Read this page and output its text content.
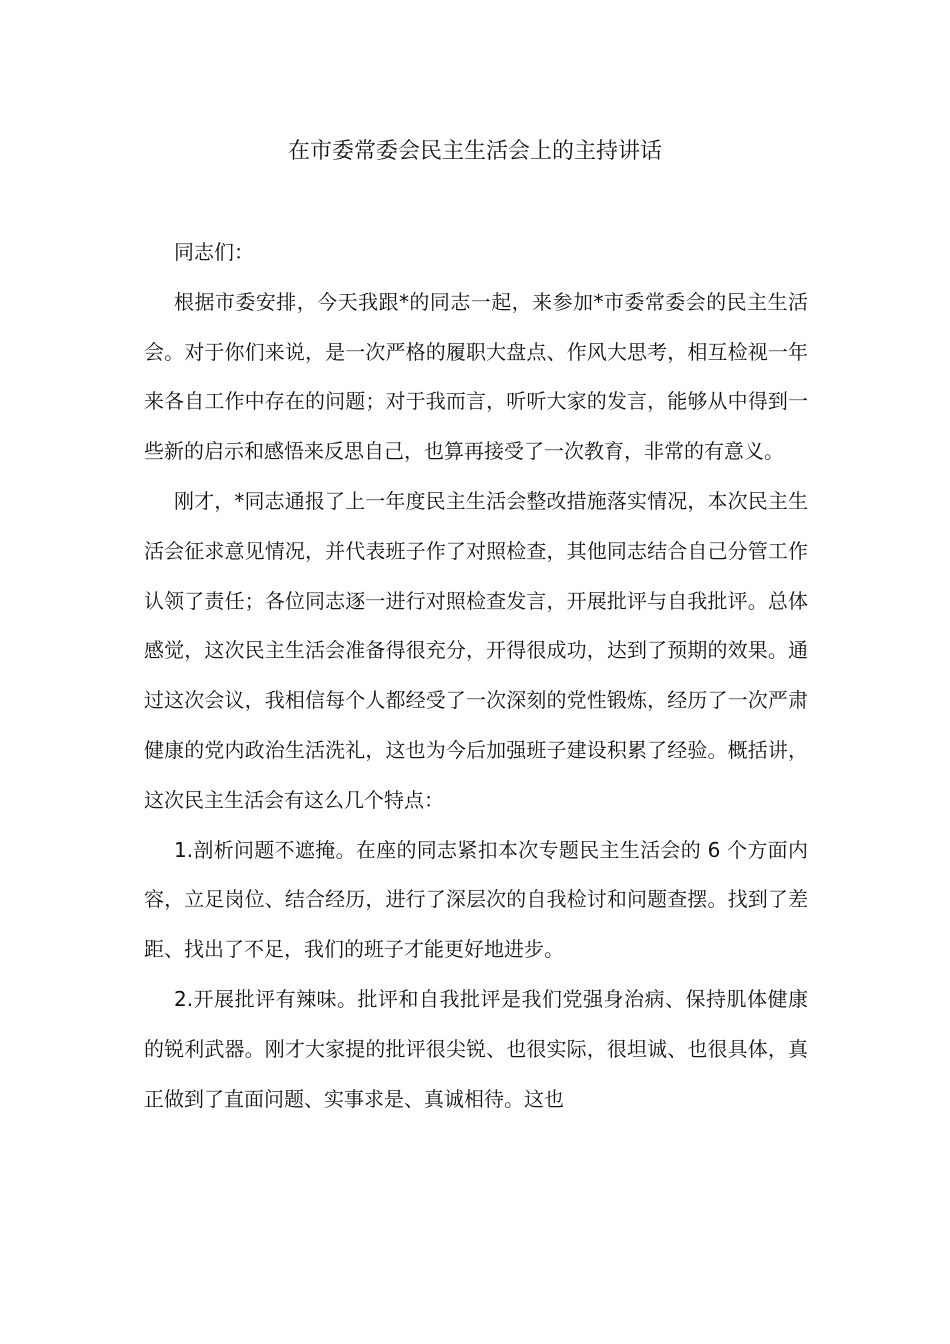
在市委常委会民主生活会上的主持讲话

同志们：

根据市委安排，今天我跟*的同志一起，来参加*市委常委会的民主生活会。对于你们来说，是一次严格的履职大盘点、作风大思考，相互检视一年来各自工作中存在的问题；对于我而言，听听大家的发言，能够从中得到一些新的启示和感悟来反思自己，也算再接受了一次教育，非常的有意义。

刚才，*同志通报了上一年度民主生活会整改措施落实情况，本次民主生活会征求意见情况，并代表班子作了对照检查，其他同志结合自己分管工作认领了责任；各位同志逐一进行对照检查发言，开展批评与自我批评。总体感觉，这次民主生活会准备得很充分，开得很成功，达到了预期的效果。通过这次会议，我相信每个人都经受了一次深刻的党性锻炼，经历了一次严肃健康的党内政治生活洗礼，这也为今后加强班子建设积累了经验。概括讲，这次民主生活会有这么几个特点：

1.剖析问题不遮掩。在座的同志紧扣本次专题民主生活会的 6 个方面内容，立足岗位、结合经历，进行了深层次的自我检讨和问题查摆。找到了差距、找出了不足，我们的班子才能更好地进步。

2.开展批评有辣味。批评和自我批评是我们党强身治病、保持肌体健康的锐利武器。刚才大家提的批评很尖锐、也很实际，很坦诚、也很具体，真正做到了直面问题、实事求是、真诚相待。这也
